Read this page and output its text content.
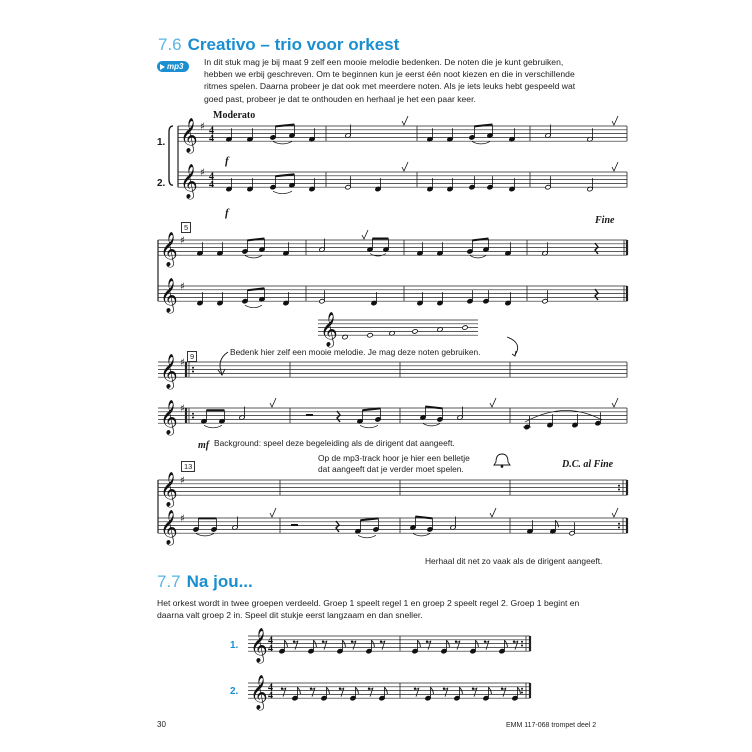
7.6 Creativo – trio voor orkest
mp3 In dit stuk mag je bij maat 9 zelf een mooie melodie bedenken. De noten die je kunt gebruiken,
hebben we erbij geschreven. Om te beginnen kun je eerst één noot kiezen en die in verschillende
ritmes spelen. Daarna probeer je dat ook met meerdere noten. Als je iets leuks hebt gespeeld wat
goed past, probeer je dat te onthouden en herhaal je het een paar keer.
Moderato
1.
2.
f
f
5
9
13
Fine
Bedenk hier zelf een mooie melodie. Je mag deze noten gebruiken.
mf Background: speel deze begeleiding als de dirigent dat aangeeft.
Op de mp3-track hoor je hier een belletje
dat aangeeft dat je verder moet spelen.	D.C. al Fine
Herhaal dit net zo vaak als de dirigent aangeeft.
7.7 Na jou...
Het orkest wordt in twee groepen verdeeld. Groep 1 speelt regel 1 en groep 2 speelt regel 2. Groep 1 begint en
daarna valt groep 2 in. Speel dit stukje eerst langzaam en dan sneller.
1.
2.
30	EMM 117-068 trompet deel 2
𝄞 ♯ 4
4
𝄞 ♯ 4
4
𝄞 ♯
𝄞 ♯
𝄞
𝄞 ♯
𝄞 ♯
𝄞 ♯
𝄞 ♯
𝄞 4
4
𝄞 4
4
